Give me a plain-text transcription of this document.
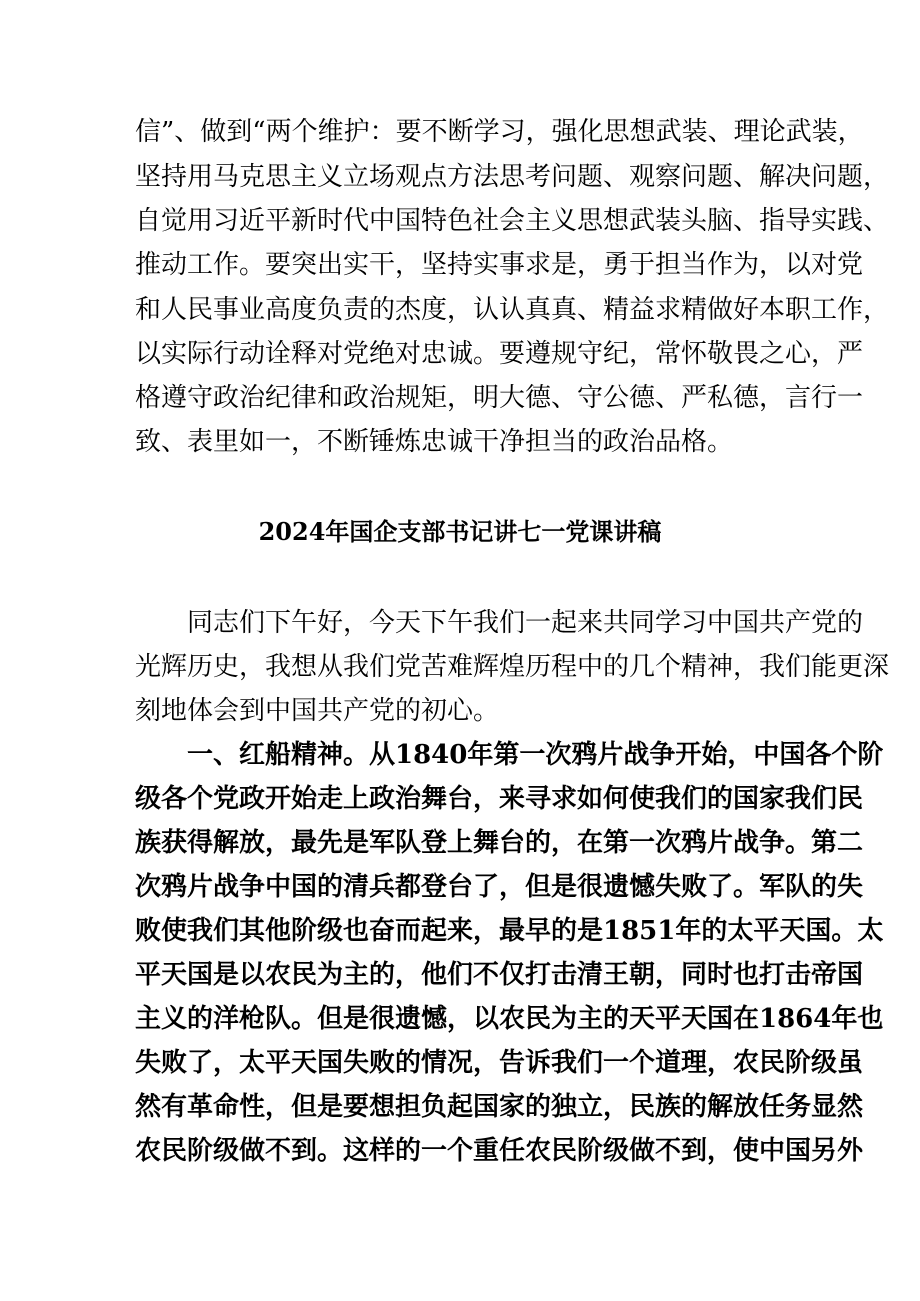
信”、做到“两个维护：要不断学习，强化思想武装、理论武装，
坚持用马克思主义立场观点方法思考问题、观察问题、解决问题，
自觉用习近平新时代中国特色社会主义思想武装头脑、指导实践、
推动工作。要突出实干，坚持实事求是，勇于担当作为，以对党
和人民事业高度负责的杰度，认认真真、精益求精做好本职工作，
以实际行动诠释对党绝对忠诚。要遵规守纪，常怀敬畏之心，严
格遵守政治纪律和政治规矩，明大德、守公德、严私德，言行一
致、表里如一，不断锤炼忠诚干净担当的政治品格。
2024年国企支部书记讲七一党课讲稿
同志们下午好，今天下午我们一起来共同学习中国共产党的
光辉历史，我想从我们党苦难辉煌历程中的几个精神，我们能更深
刻地体会到中国共产党的初心。
一、红船精神。从1840年第一次鸦片战争开始，中国各个阶
级各个党政开始走上政治舞台，来寻求如何使我们的国家我们民
族获得解放，最先是军队登上舞台的，在第一次鸦片战争。第二
次鸦片战争中国的清兵都登台了，但是很遗憾失败了。军队的失
败使我们其他阶级也奋而起来，最早的是1851年的太平天国。太
平天国是以农民为主的，他们不仅打击清王朝，同时也打击帝国
主义的洋枪队。但是很遗憾，以农民为主的天平天国在1864年也
失败了，太平天国失败的情况，告诉我们一个道理，农民阶级虽
然有革命性，但是要想担负起国家的独立，民族的解放任务显然
农民阶级做不到。这样的一个重任农民阶级做不到，使中国另外
